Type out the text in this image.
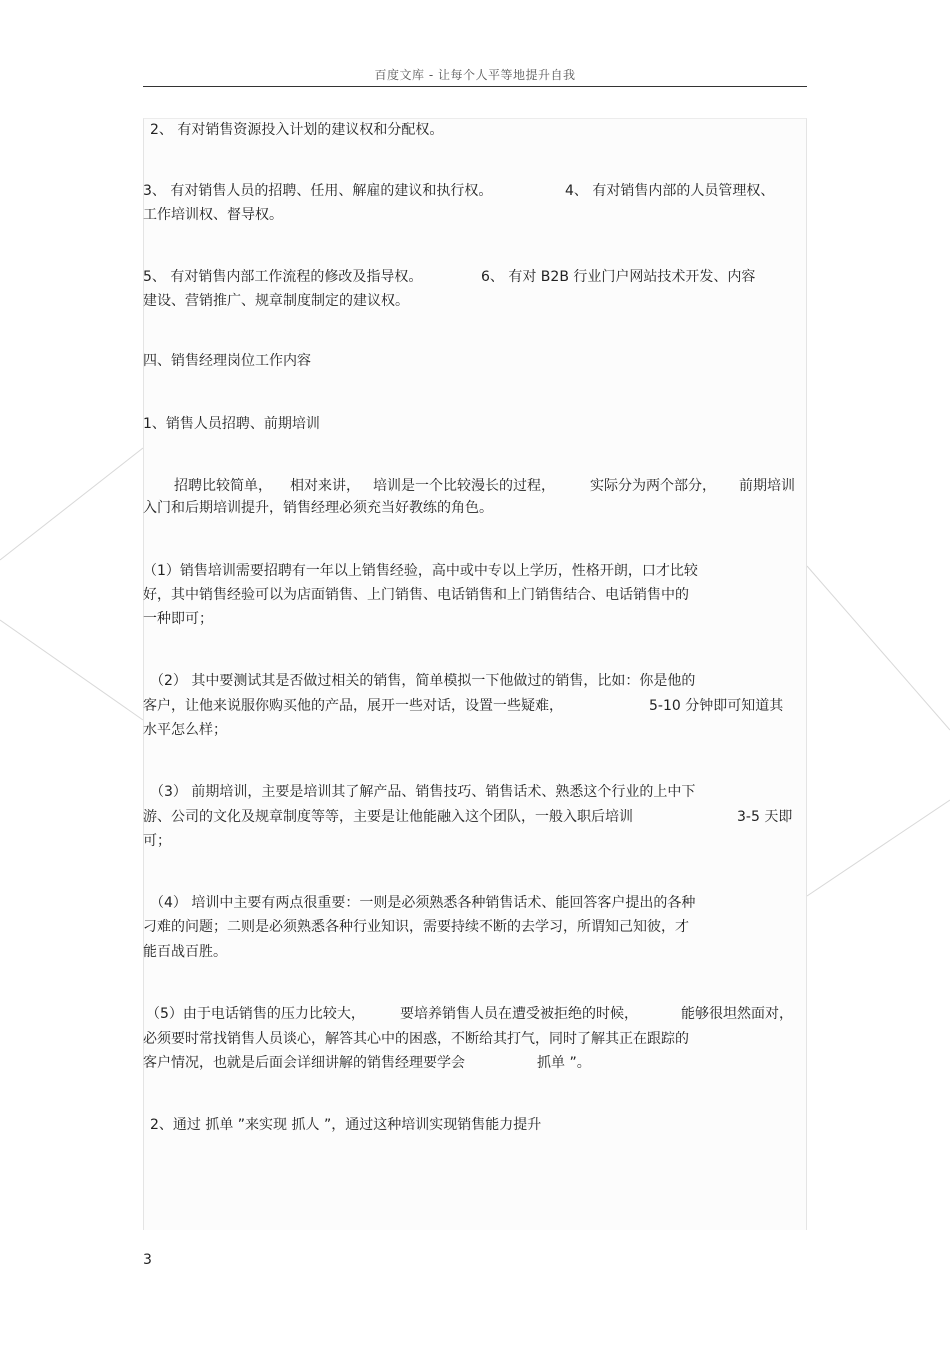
百度文库 - 让每个人平等地提升自我
2、 有对销售资源投入计划的建议权和分配权。
3、 有对销售人员的招聘、任用、解雇的建议和执行权。	4、 有对销售内部的人员管理权、
工作培训权、督导权。
5、 有对销售内部工作流程的修改及指导权。	6、 有对 B2B 行业门户网站技术开发、内容
建设、营销推广、规章制度制定的建议权。
四、销售经理岗位工作内容
1、销售人员招聘、前期培训
招聘比较简单， 相对来讲， 培训是一个比较漫长的过程，	实际分为两个部分， 前期培训
入门和后期培训提升，销售经理必须充当好教练的角色。
（1）销售培训需要招聘有一年以上销售经验，高中或中专以上学历，性格开朗，口才比较
好，其中销售经验可以为店面销售、上门销售、电话销售和上门销售结合、电话销售中的
一种即可；
（2） 其中要测试其是否做过相关的销售，简单模拟一下他做过的销售，比如：你是他的
客户，让他来说服你购买他的产品，展开一些对话，设置一些疑难，	5-10 分钟即可知道其
水平怎么样；
（3） 前期培训，主要是培训其了解产品、销售技巧、销售话术、熟悉这个行业的上中下
游、公司的文化及规章制度等等，主要是让他能融入这个团队，一般入职后培训	3-5 天即
可；
（4） 培训中主要有两点很重要：一则是必须熟悉各种销售话术、能回答客户提出的各种
刁难的问题；二则是必须熟悉各种行业知识，需要持续不断的去学习，所谓知己知彼，才
能百战百胜。
（5）由于电话销售的压力比较大，	要培养销售人员在遭受被拒绝的时候，	能够很坦然面对，
必须要时常找销售人员谈心，解答其心中的困惑，不断给其打气，同时了解其正在跟踪的
客户情况，也就是后面会详细讲解的销售经理要学会	抓单 ”。
2、通过 抓单 ”来实现 抓人 ”，通过这种培训实现销售能力提升
3
